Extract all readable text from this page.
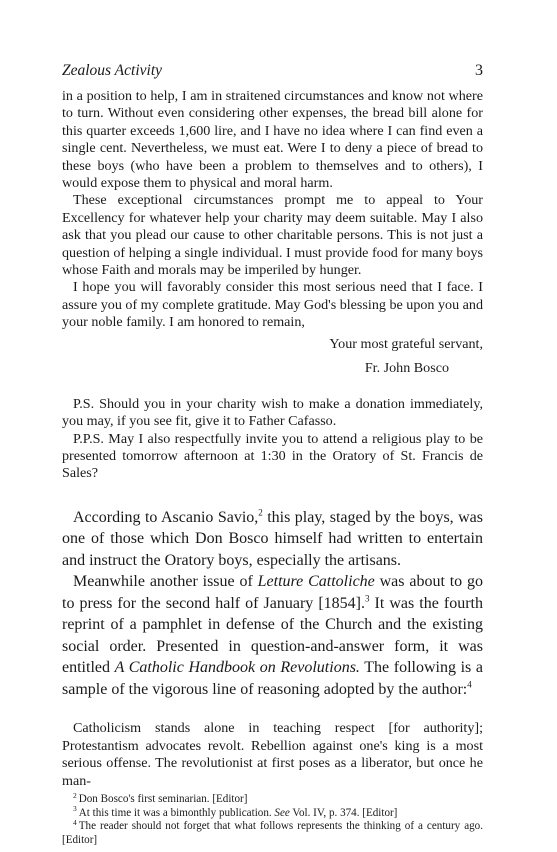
Zealous Activity	3

in a position to help, I am in straitened circumstances and know not where to turn. Without even considering other expenses, the bread bill alone for this quarter exceeds 1,600 lire, and I have no idea where I can find even a single cent. Nevertheless, we must eat. Were I to deny a piece of bread to these boys (who have been a problem to themselves and to others), I would expose them to physical and moral harm.

These exceptional circumstances prompt me to appeal to Your Excellency for whatever help your charity may deem suitable. May I also ask that you plead our cause to other charitable persons. This is not just a question of helping a single individual. I must provide food for many boys whose Faith and morals may be imperiled by hunger.

I hope you will favorably consider this most serious need that I face. I assure you of my complete gratitude. May God's blessing be upon you and your noble family. I am honored to remain,

Your most grateful servant,
Fr. John Bosco

P.S. Should you in your charity wish to make a donation immediately, you may, if you see fit, give it to Father Cafasso.

P.P.S. May I also respectfully invite you to attend a religious play to be presented tomorrow afternoon at 1:30 in the Oratory of St. Francis de Sales?

According to Ascanio Savio,$^2$ this play, staged by the boys, was one of those which Don Bosco himself had written to entertain and instruct the Oratory boys, especially the artisans.

Meanwhile another issue of Letture Cattoliche was about to go to press for the second half of January [1854].$^3$ It was the fourth reprint of a pamphlet in defense of the Church and the existing social order. Presented in question-and-answer form, it was entitled A Catholic Handbook on Revolutions. The following is a sample of the vigorous line of reasoning adopted by the author:$^4$

Catholicism stands alone in teaching respect [for authority]; Protestantism advocates revolt. Rebellion against one's king is a most serious offense. The revolutionist at first poses as a liberator, but once he man-

$^2$ Don Bosco's first seminarian. [Editor]
$^3$ At this time it was a bimonthly publication. See Vol. IV, p. 374. [Editor]
$^4$ The reader should not forget that what follows represents the thinking of a century ago. [Editor]
